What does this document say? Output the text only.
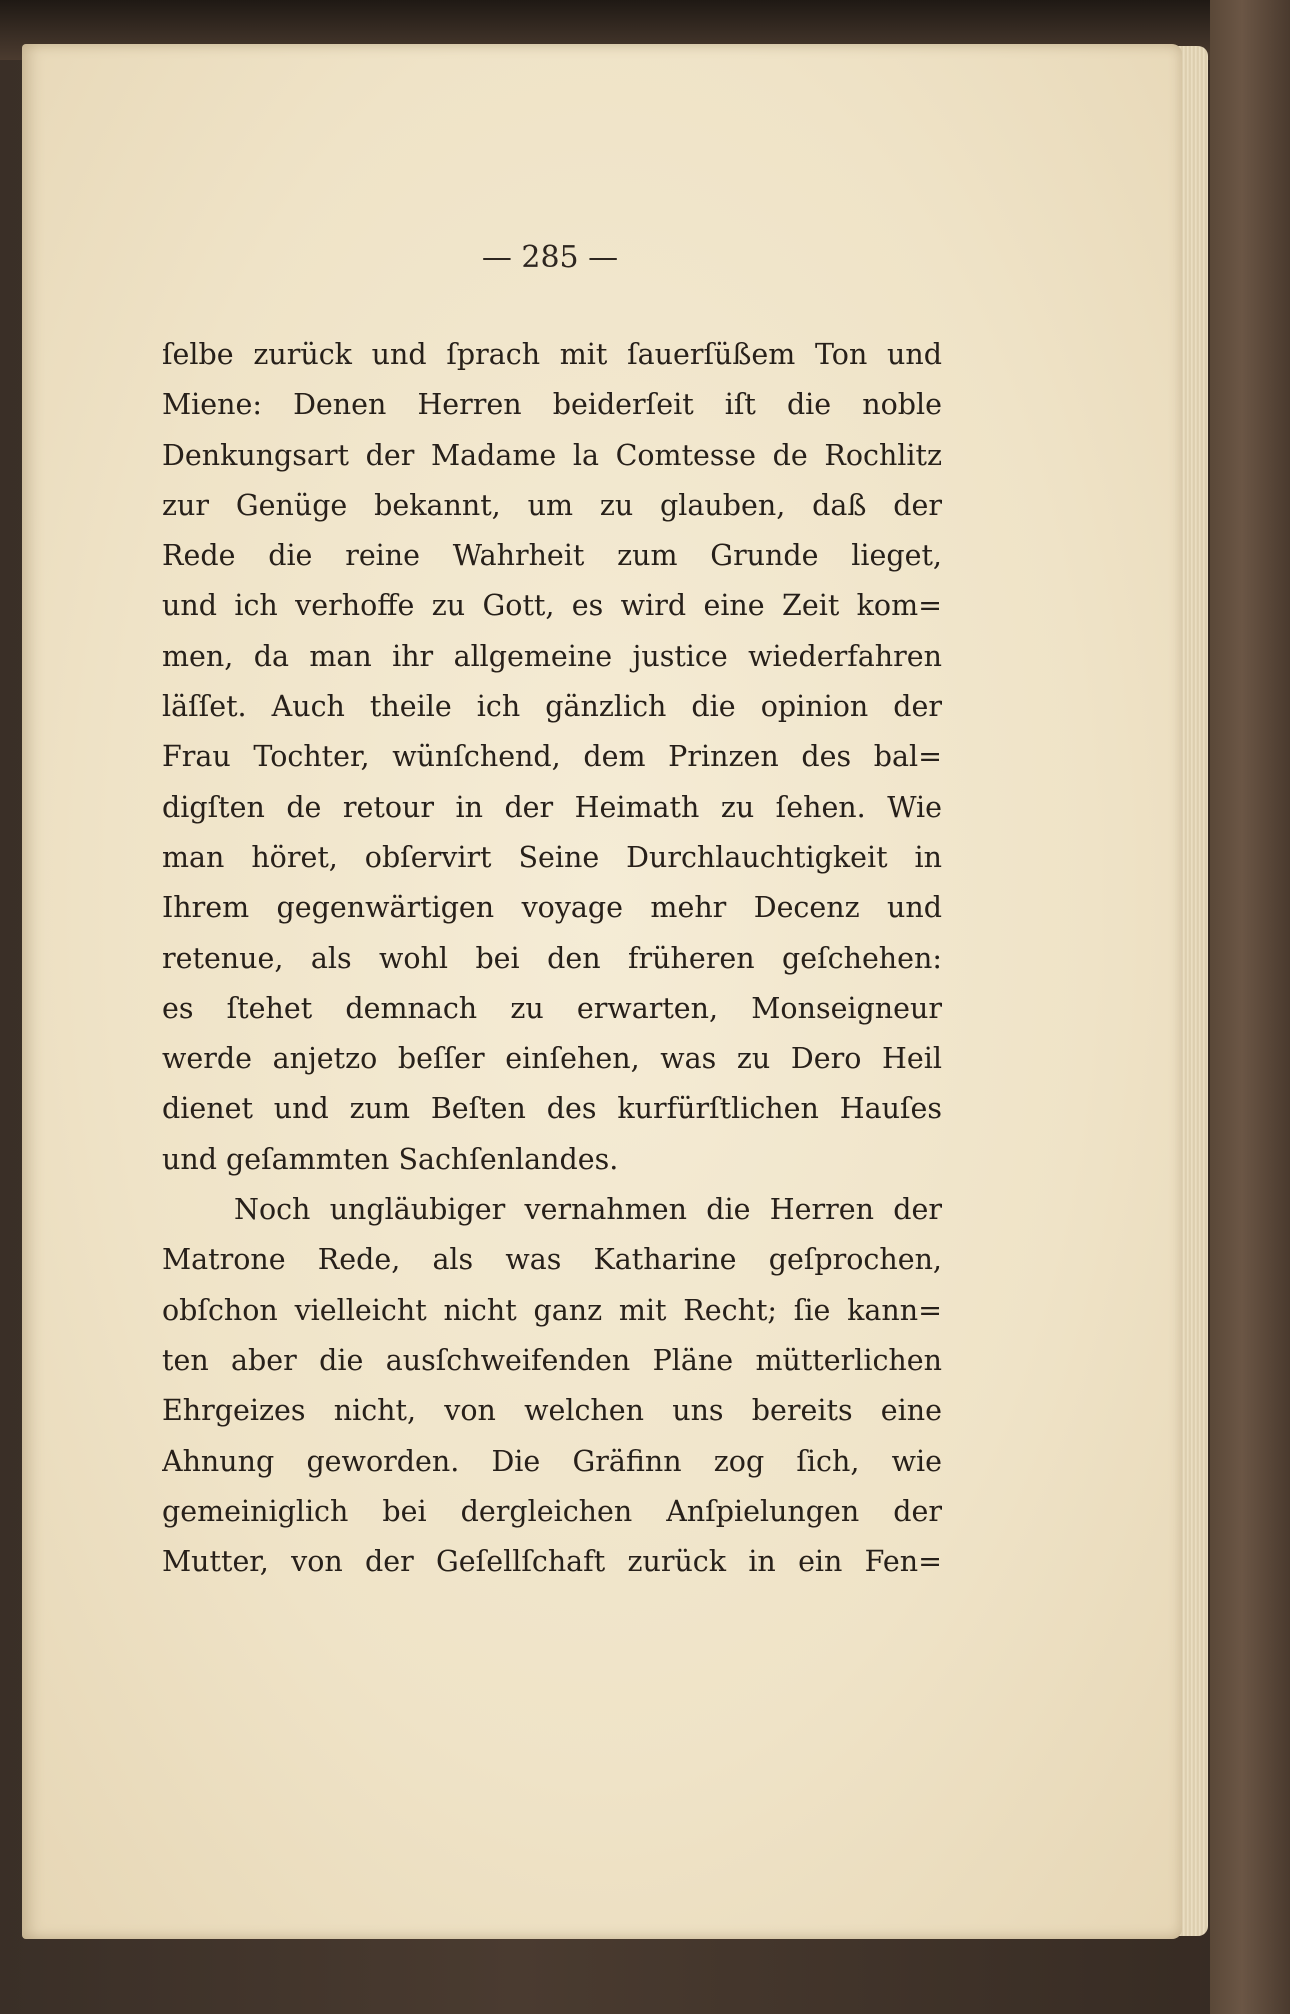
— 285 —
ſelbe zurück und ſprach mit ſauerſüßem Ton und
Miene: Denen Herren beiderſeit iſt die noble
Denkungsart der Madame la Comtesse de Rochlitz
zur Genüge bekannt, um zu glauben, daß der
Rede die reine Wahrheit zum Grunde lieget,
und ich verhoffe zu Gott, es wird eine Zeit kom=
men, da man ihr allgemeine justice wiederfahren
läſſet. Auch theile ich gänzlich die opinion der
Frau Tochter, wünſchend, dem Prinzen des bal=
digſten de retour in der Heimath zu ſehen. Wie
man höret, obſervirt Seine Durchlauchtigkeit in
Ihrem gegenwärtigen voyage mehr Decenz und
retenue, als wohl bei den früheren geſchehen:
es ſtehet demnach zu erwarten, Monseigneur
werde anjetzo beſſer einſehen, was zu Dero Heil
dienet und zum Beſten des kurfürſtlichen Hauſes
und geſammten Sachſenlandes.
Noch ungläubiger vernahmen die Herren der
Matrone Rede, als was Katharine geſprochen,
obſchon vielleicht nicht ganz mit Recht; ſie kann=
ten aber die ausſchweifenden Pläne mütterlichen
Ehrgeizes nicht, von welchen uns bereits eine
Ahnung geworden. Die Gräfinn zog ſich, wie
gemeiniglich bei dergleichen Anſpielungen der
Mutter, von der Geſellſchaft zurück in ein Fen=
